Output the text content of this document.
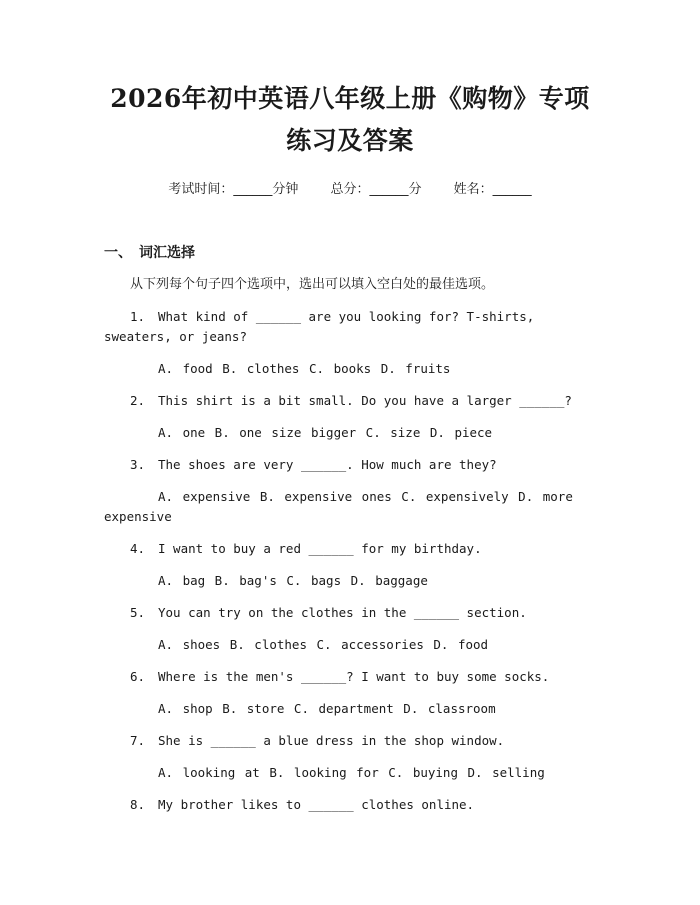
2026年初中英语八年级上册《购物》专项练习及答案
考试时间：______分钟 总分：______分 姓名：______
一、 词汇选择
从下列每个句子四个选项中，选出可以填入空白处的最佳选项。
1. What kind of ______ are you looking for? T-shirts, sweaters, or jeans?
A. food B. clothes C. books D. fruits
2. This shirt is a bit small. Do you have a larger ______?
A. one B. one size bigger C. size D. piece
3. The shoes are very ______. How much are they?
A. expensive B. expensive ones C. expensively D. more expensive
4. I want to buy a red ______ for my birthday.
A. bag B. bag's C. bags D. baggage
5. You can try on the clothes in the ______ section.
A. shoes B. clothes C. accessories D. food
6. Where is the men's ______? I want to buy some socks.
A. shop B. store C. department D. classroom
7. She is ______ a blue dress in the shop window.
A. looking at B. looking for C. buying D. selling
8. My brother likes to ______ clothes online.
